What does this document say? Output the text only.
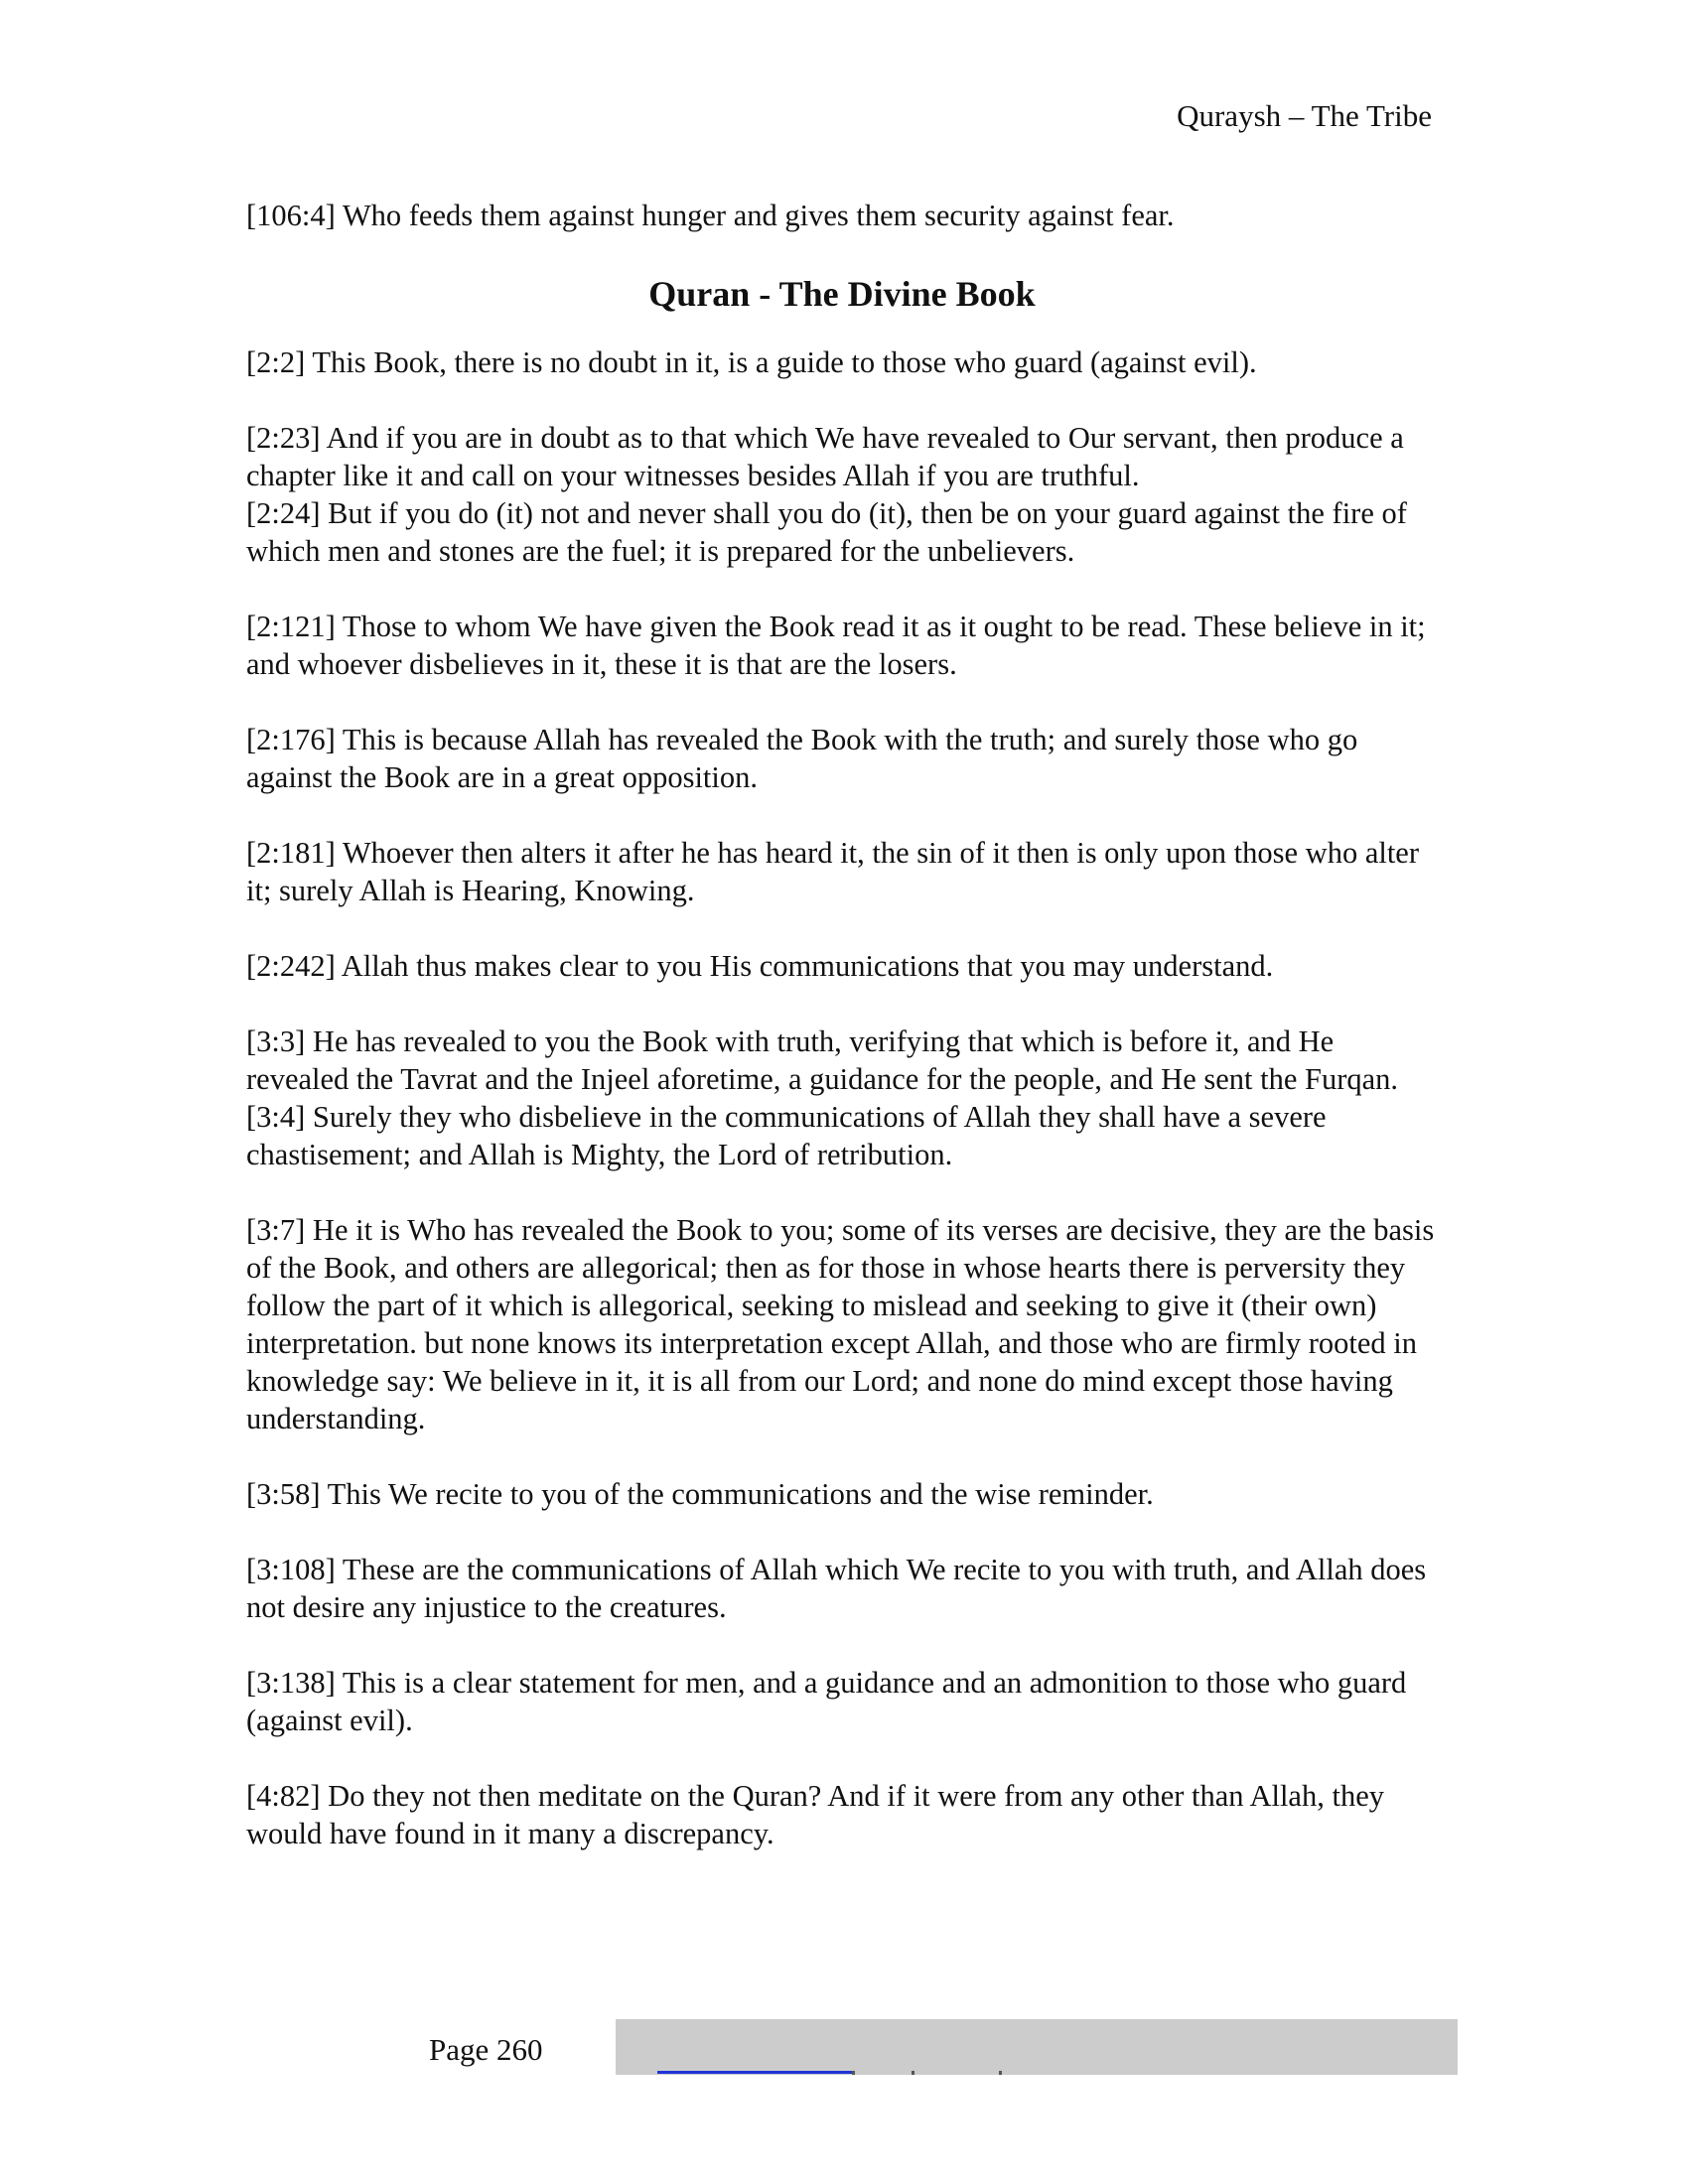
Quraysh – The Tribe

[106:4] Who feeds them against hunger and gives them security against fear.

Quran - The Divine Book

[2:2] This Book, there is no doubt in it, is a guide to those who guard (against evil).

[2:23] And if you are in doubt as to that which We have revealed to Our servant, then produce a chapter like it and call on your witnesses besides Allah if you are truthful.

[2:24] But if you do (it) not and never shall you do (it), then be on your guard against the fire of which men and stones are the fuel; it is prepared for the unbelievers.

[2:121] Those to whom We have given the Book read it as it ought to be read. These believe in it; and whoever disbelieves in it, these it is that are the losers.

[2:176] This is because Allah has revealed the Book with the truth; and surely those who go against the Book are in a great opposition.

[2:181] Whoever then alters it after he has heard it, the sin of it then is only upon those who alter it; surely Allah is Hearing, Knowing.

[2:242] Allah thus makes clear to you His communications that you may understand.

[3:3] He has revealed to you the Book with truth, verifying that which is before it, and He revealed the Tavrat and the Injeel aforetime, a guidance for the people, and He sent the Furqan.

[3:4] Surely they who disbelieve in the communications of Allah they shall have a severe chastisement; and Allah is Mighty, the Lord of retribution.

[3:7] He it is Who has revealed the Book to you; some of its verses are decisive, they are the basis of the Book, and others are allegorical; then as for those in whose hearts there is perversity they follow the part of it which is allegorical, seeking to mislead and seeking to give it (their own) interpretation. but none knows its interpretation except Allah, and those who are firmly rooted in knowledge say: We believe in it, it is all from our Lord; and none do mind except those having understanding.

[3:58] This We recite to you of the communications and the wise reminder.

[3:108] These are the communications of Allah which We recite to you with truth, and Allah does not desire any injustice to the creatures.

[3:138] This is a clear statement for men, and a guidance and an admonition to those who guard (against evil).

[4:82] Do they not then meditate on the Quran? And if it were from any other than Allah, they would have found in it many a discrepancy.

Page 260
